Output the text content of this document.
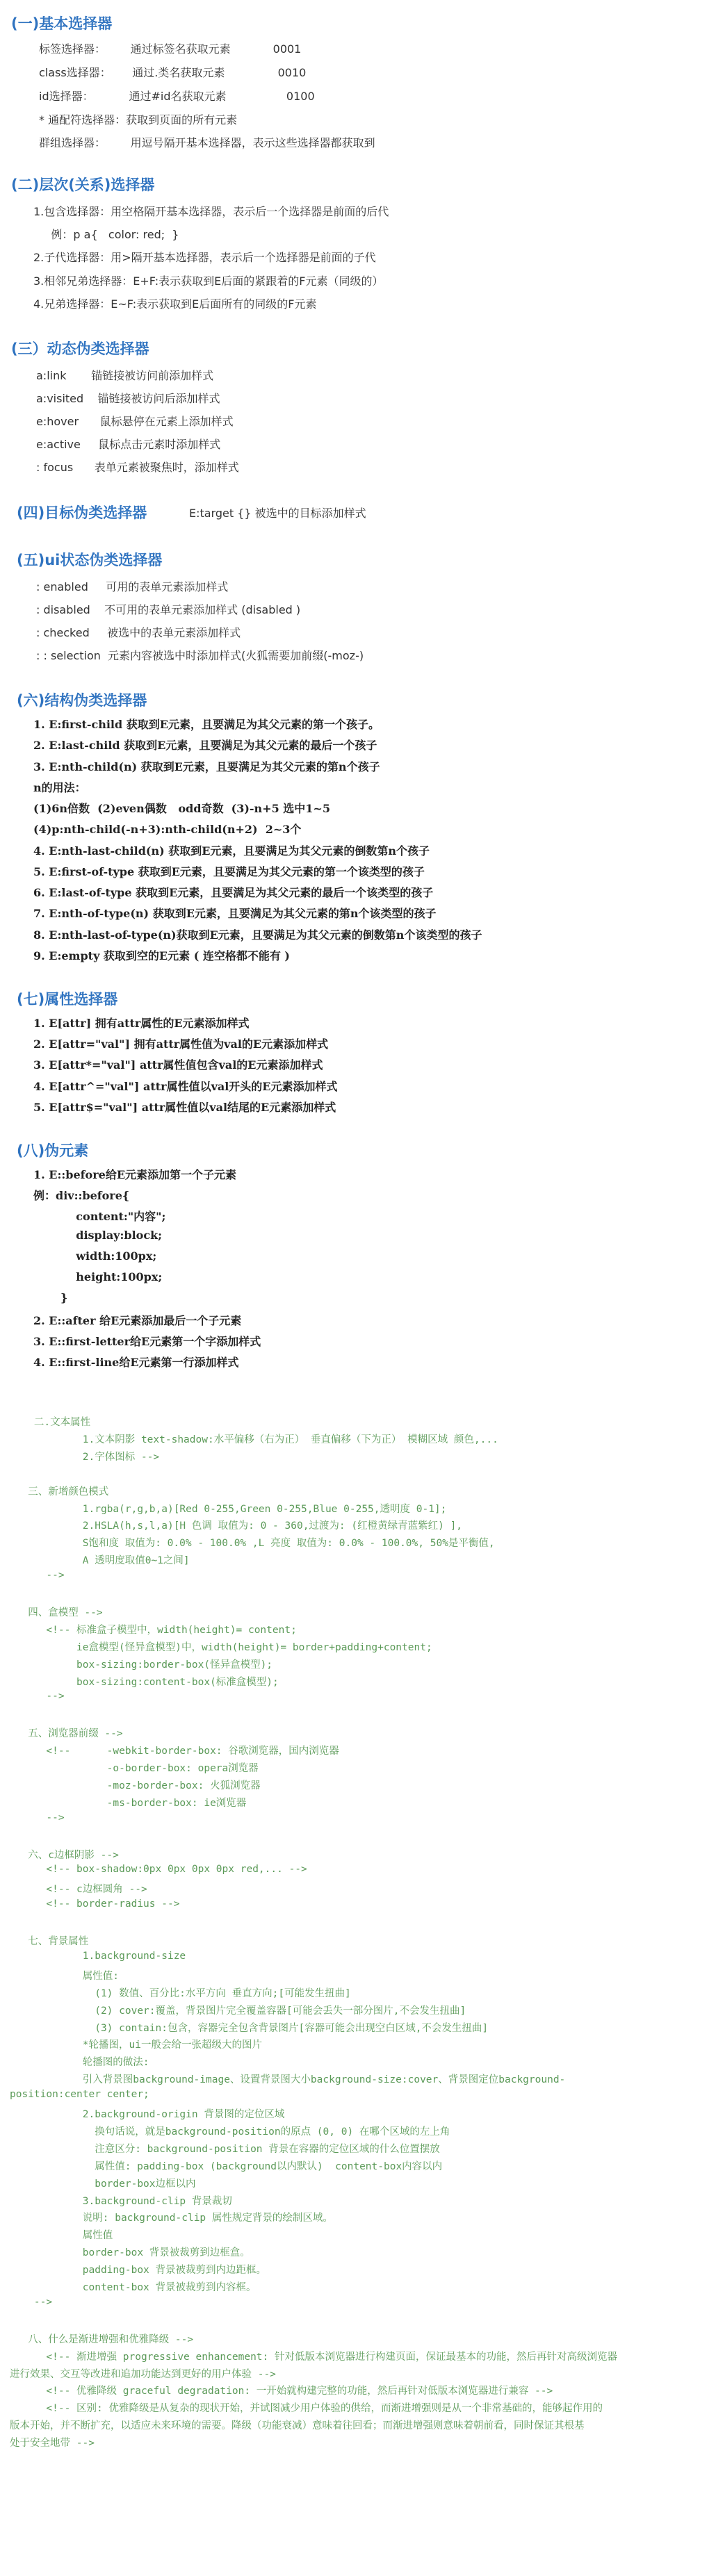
(一)基本选择器
标签选择器：       通过标签名获取元素            0001
class选择器：      通过.类名获取元素               0010
id选择器：          通过#id名获取元素                 0100
* 通配符选择器：获取到页面的所有元素
群组选择器：       用逗号隔开基本选择器，表示这些选择器都获取到
(二)层次(关系)选择器
1.包含选择器：用空格隔开基本选择器，表示后一个选择器是前面的后代
例：p a{   color: red;  }
2.子代选择器：用>隔开基本选择器，表示后一个选择器是前面的子代
3.相邻兄弟选择器：E+F:表示获取到E后面的紧跟着的F元素（同级的）
4.兄弟选择器：E~F:表示获取到E后面所有的同级的F元素
(三）动态伪类选择器
a:link       锚链接被访问前添加样式
a:visited    锚链接被访问后添加样式
e:hover      鼠标悬停在元素上添加样式
e:active     鼠标点击元素时添加样式
: focus      表单元素被聚焦时，添加样式
(四)目标伪类选择器	E:target {} 被选中的目标添加样式
(五)ui状态伪类选择器
: enabled     可用的表单元素添加样式
: disabled    不可用的表单元素添加样式 (disabled )
: checked     被选中的表单元素添加样式
: : selection  元素内容被选中时添加样式(火狐需要加前缀(-moz-)
(六)结构伪类选择器
1. E:first-child 获取到E元素，且要满足为其父元素的第一个孩子。
2. E:last-child 获取到E元素，且要满足为其父元素的最后一个孩子
3. E:nth-child(n) 获取到E元素，且要满足为其父元素的第n个孩子
n的用法：
(1)6n倍数  (2)even偶数   odd奇数  (3)-n+5 选中1~5
(4)p:nth-child(-n+3):nth-child(n+2)  2~3个
4. E:nth-last-child(n) 获取到E元素，且要满足为其父元素的倒数第n个孩子
5. E:first-of-type 获取到E元素，且要满足为其父元素的第一个该类型的孩子
6. E:last-of-type 获取到E元素，且要满足为其父元素的最后一个该类型的孩子
7. E:nth-of-type(n) 获取到E元素，且要满足为其父元素的第n个该类型的孩子
8. E:nth-last-of-type(n)获取到E元素，且要满足为其父元素的倒数第n个该类型的孩子
9. E:empty 获取到空的E元素 ( 连空格都不能有 )
(七)属性选择器
1. E[attr] 拥有attr属性的E元素添加样式
2. E[attr="val"] 拥有attr属性值为val的E元素添加样式
3. E[attr*="val"] attr属性值包含val的E元素添加样式
4. E[attr^="val"] attr属性值以val开头的E元素添加样式
5. E[attr$="val"] attr属性值以val结尾的E元素添加样式
(八)伪元素
1. E::before给E元素添加第一个子元素
例：div::before{
content:"内容";
display:block;
width:100px;
height:100px;
}
2. E::after 给E元素添加最后一个子元素
3. E::first-letter给E元素第一个字添加样式
4. E::first-line给E元素第一行添加样式
二.文本属性
1.文本阴影 text-shadow:水平偏移（右为正） 垂直偏移（下为正） 模糊区域 颜色,...
2.字体图标 -->
三、新增颜色模式
1.rgba(r,g,b,a)[Red 0-255,Green 0-255,Blue 0-255,透明度 0-1];
2.HSLA(h,s,l,a)[H 色调 取值为: 0 - 360,过渡为: (红橙黄绿青蓝紫红) ],
S饱和度 取值为: 0.0% - 100.0% ,L 亮度 取值为: 0.0% - 100.0%, 50%是平衡值,
A 透明度取值0~1之间]
-->
四、盒模型 -->
<!-- 标准盒子模型中，width(height)= content;
ie盒模型(怪异盒模型)中，width(height)= border+padding+content;
box-sizing:border-box(怪异盒模型);
box-sizing:content-box(标准盒模型);
-->
五、浏览器前缀 -->
<!--      -webkit-border-box: 谷歌浏览器，国内浏览器
-o-border-box: opera浏览器
-moz-border-box: 火狐浏览器
-ms-border-box: ie浏览器
-->
六、c边框阴影 -->
<!-- box-shadow:0px 0px 0px 0px red,... -->
<!-- c边框圆角 -->
<!-- border-radius -->
七、背景属性
1.background-size
属性值:
(1) 数值、百分比:水平方向 垂直方向;[可能发生扭曲]
(2) cover:覆盖，背景图片完全覆盖容器[可能会丢失一部分图片,不会发生扭曲]
(3) contain:包含，容器完全包含背景图片[容器可能会出现空白区域,不会发生扭曲]
*轮播图，ui一般会给一张超级大的图片
轮播图的做法:
引入背景图background-image、设置背景图大小background-size:cover、背景图定位background-
position:center center;
2.background-origin 背景图的定位区域
换句话说，就是background-position的原点 (0, 0) 在哪个区域的左上角
注意区分: background-position 背景在容器的定位区域的什么位置摆放
属性值: padding-box (background以内默认)  content-box内容以内
border-box边框以内
3.background-clip 背景裁切
说明: background-clip 属性规定背景的绘制区域。
属性值
border-box 背景被裁剪到边框盒。
padding-box 背景被裁剪到内边距框。
content-box 背景被裁剪到内容框。
-->
八、什么是渐进增强和优雅降级 -->
<!-- 渐进增强 progressive enhancement: 针对低版本浏览器进行构建页面，保证最基本的功能，然后再针对高级浏览器
进行效果、交互等改进和追加功能达到更好的用户体验 -->
<!-- 优雅降级 graceful degradation: 一开始就构建完整的功能，然后再针对低版本浏览器进行兼容 -->
<!-- 区别: 优雅降级是从复杂的现状开始，并试图减少用户体验的供给，而渐进增强则是从一个非常基础的，能够起作用的
版本开始，并不断扩充，以适应未来环境的需要。降级（功能衰减）意味着往回看；而渐进增强则意味着朝前看，同时保证其根基
处于安全地带 -->
